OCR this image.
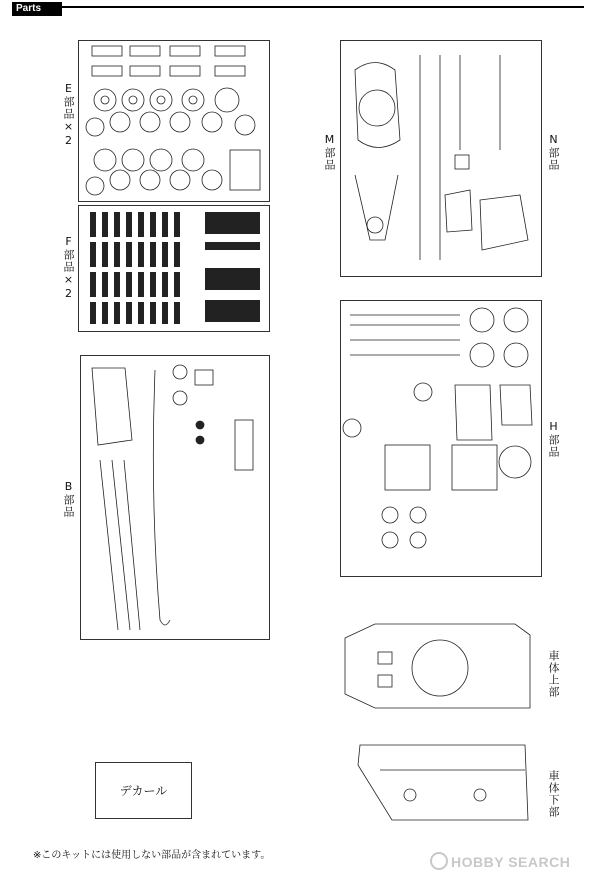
Parts
E部品×2
F部品×2
M部品	N部品
B部品
H部品
車体上部
車体下部
デカール
※このキットには使用しない部品が含まれています。	HOBBY SEARCH
